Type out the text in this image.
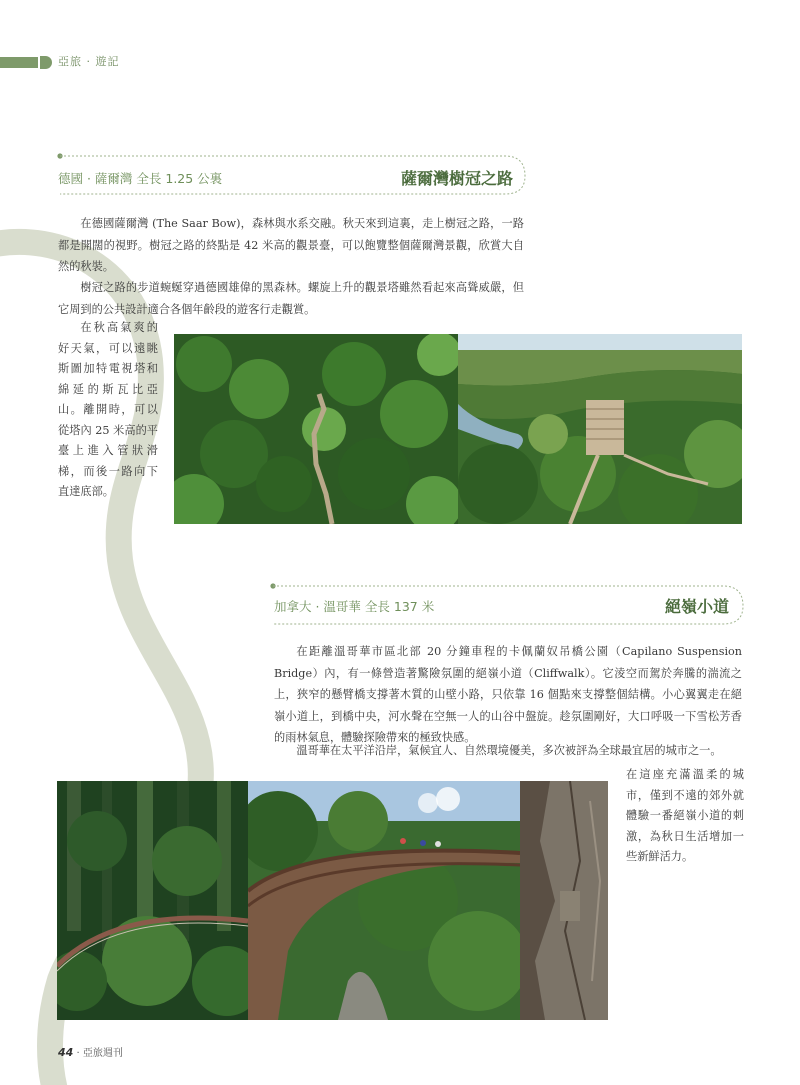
亞旅 · 遊記
德國 · 薩爾灣 全長 1.25 公裏	薩爾灣樹冠之路

在德國薩爾灣 (The Saar Bow)，森林與水系交融。秋天來到這裏，走上樹冠之路，一路都是開闊的視野。樹冠之路的終點是 42 米高的觀景臺，可以飽覽整個薩爾灣景觀，欣賞大自然的秋裝。

樹冠之路的步道蜿蜒穿過德國雄偉的黑森林。螺旋上升的觀景塔雖然看起來高聳威嚴，但它周到的公共設計適合各個年齡段的遊客行走觀賞。

在秋高氣爽的好天氣，可以遠眺斯圖加特電視塔和綿延的斯瓦比亞山。離開時，可以從塔內 25 米高的平臺上進入管狀滑梯，而後一路向下直達底部。

加拿大 · 溫哥華 全長 137 米	絕嶺小道

在距離溫哥華市區北部 20 分鐘車程的卡佩蘭奴吊橋公園（Capilano Suspension Bridge）內，有一條營造著驚險氛圍的絕嶺小道（Cliffwalk）。它淩空而駕於奔騰的湍流之上，狹窄的懸臂橋支撐著木質的山壁小路，只依靠 16 個點來支撐整個結構。小心翼翼走在絕嶺小道上，到橋中央，河水聲在空無一人的山谷中盤旋。趁氛圍剛好，大口呼吸一下雪松芳香的雨林氣息，體驗探險帶來的極致快感。

溫哥華在太平洋沿岸，氣候宜人、自然環境優美，多次被評為全球最宜居的城市之一。

在這座充滿溫柔的城市，僅到不遠的郊外就體驗一番絕嶺小道的刺激，為秋日生活增加一些新鮮活力。

44 · 亞旅週刊
